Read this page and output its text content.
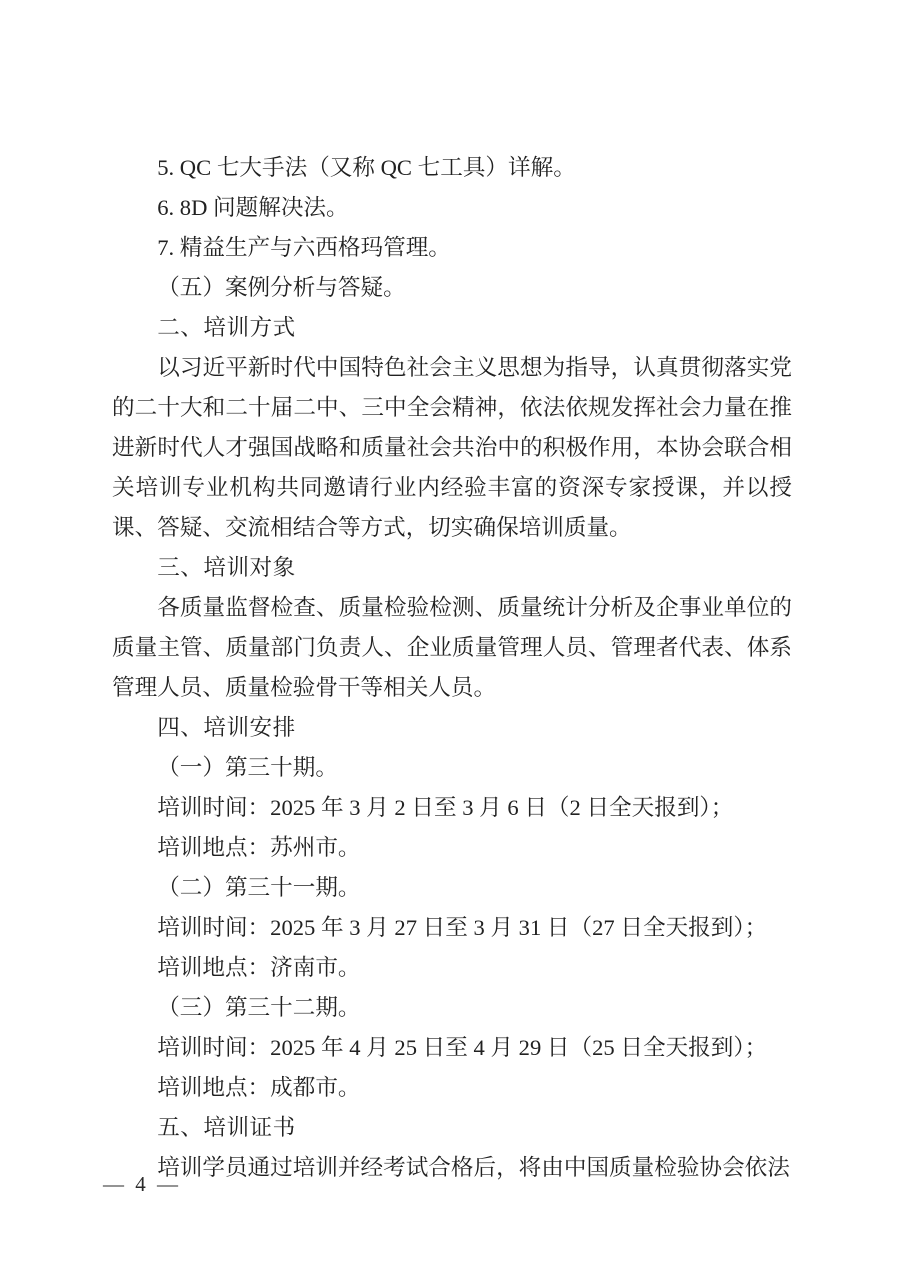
5. QC 七大手法（又称 QC 七工具）详解。

6. 8D 问题解决法。

7. 精益生产与六西格玛管理。

（五）案例分析与答疑。

二、培训方式

以习近平新时代中国特色社会主义思想为指导，认真贯彻落实党的二十大和二十届二中、三中全会精神，依法依规发挥社会力量在推进新时代人才强国战略和质量社会共治中的积极作用，本协会联合相关培训专业机构共同邀请行业内经验丰富的资深专家授课，并以授课、答疑、交流相结合等方式，切实确保培训质量。

三、培训对象

各质量监督检查、质量检验检测、质量统计分析及企事业单位的质量主管、质量部门负责人、企业质量管理人员、管理者代表、体系管理人员、质量检验骨干等相关人员。

四、培训安排

（一）第三十期。

培训时间：2025 年 3 月 2 日至 3 月 6 日（2 日全天报到）；

培训地点：苏州市。

（二）第三十一期。

培训时间：2025 年 3 月 27 日至 3 月 31 日（27 日全天报到）；

培训地点：济南市。

（三）第三十二期。

培训时间：2025 年 4 月 25 日至 4 月 29 日（25 日全天报到）；

培训地点：成都市。

五、培训证书

培训学员通过培训并经考试合格后，将由中国质量检验协会依法

— 4 —
